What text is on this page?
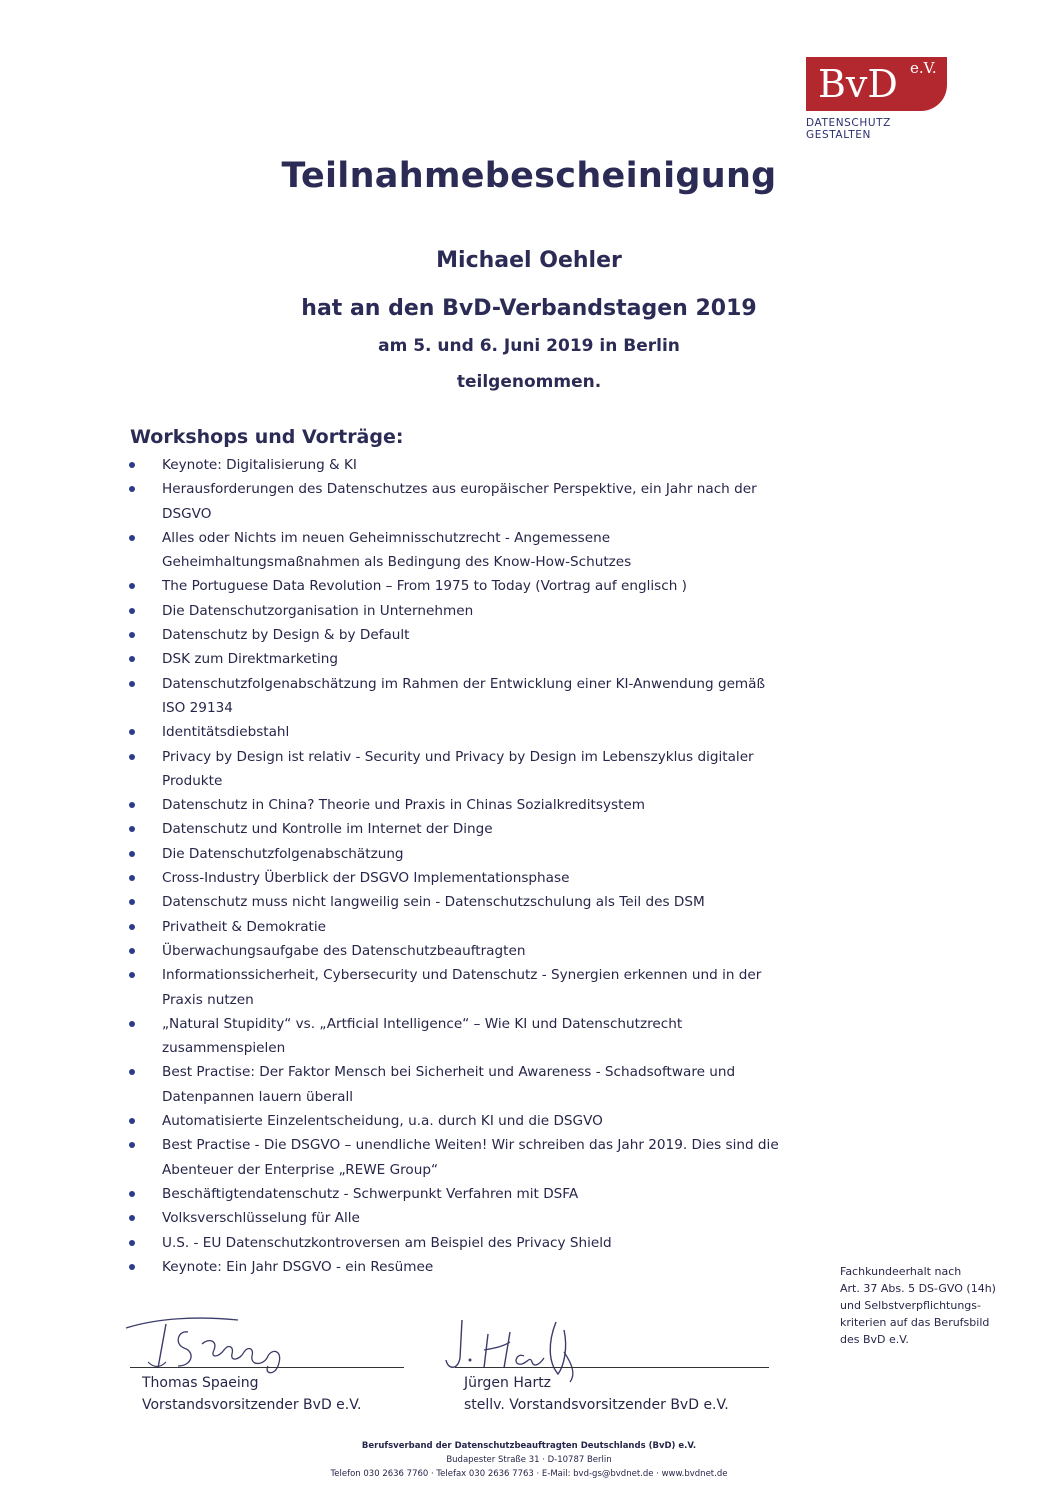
BvD e.V.
DATENSCHUTZ GESTALTEN
Teilnahmebescheinigung
Michael Oehler
hat an den BvD-Verbandstagen 2019
am 5. und 6. Juni 2019 in Berlin
teilgenommen.
Workshops und Vorträge:
Keynote: Digitalisierung & KI
Herausforderungen des Datenschutzes aus europäischer Perspektive, ein Jahr nach der
DSGVO
Alles oder Nichts im neuen Geheimnisschutzrecht - Angemessene
Geheimhaltungsmaßnahmen als Bedingung des Know-How-Schutzes
The Portuguese Data Revolution – From 1975 to Today (Vortrag auf englisch )
Die Datenschutzorganisation in Unternehmen
Datenschutz by Design & by Default
DSK zum Direktmarketing
Datenschutzfolgenabschätzung im Rahmen der Entwicklung einer KI-Anwendung gemäß
ISO 29134
Identitätsdiebstahl
Privacy by Design ist relativ - Security und Privacy by Design im Lebenszyklus digitaler
Produkte
Datenschutz in China? Theorie und Praxis in Chinas Sozialkreditsystem
Datenschutz und Kontrolle im Internet der Dinge
Die Datenschutzfolgenabschätzung
Cross-Industry Überblick der DSGVO Implementationsphase
Datenschutz muss nicht langweilig sein - Datenschutzschulung als Teil des DSM
Privatheit & Demokratie
Überwachungsaufgabe des Datenschutzbeauftragten
Informationssicherheit, Cybersecurity und Datenschutz - Synergien erkennen und in der
Praxis nutzen
„Natural Stupidity“ vs. „Artficial Intelligence“ – Wie KI und Datenschutzrecht
zusammenspielen
Best Practise: Der Faktor Mensch bei Sicherheit und Awareness - Schadsoftware und
Datenpannen lauern überall
Automatisierte Einzelentscheidung, u.a. durch KI und die DSGVO
Best Practise - Die DSGVO – unendliche Weiten! Wir schreiben das Jahr 2019. Dies sind die
Abenteuer der Enterprise „REWE Group“
Beschäftigtendatenschutz - Schwerpunkt Verfahren mit DSFA
Volksverschlüsselung für Alle
U.S. - EU Datenschutzkontroversen am Beispiel des Privacy Shield
Keynote: Ein Jahr DSGVO - ein Resümee	Fachkundeerhalt nach
Art. 37 Abs. 5 DS-GVO (14h)
und Selbstverpflichtungs-
kriterien auf das Berufsbild
des BvD e.V.
Thomas Spaeing
Vorstandsvorsitzender BvD e.V.
Jürgen Hartz
stellv. Vorstandsvorsitzender BvD e.V.
Berufsverband der Datenschutzbeauftragten Deutschlands (BvD) e.V.
Budapester Straße 31 · D-10787 Berlin
Telefon 030 2636 7760 · Telefax 030 2636 7763 · E-Mail: bvd-gs@bvdnet.de · www.bvdnet.de
